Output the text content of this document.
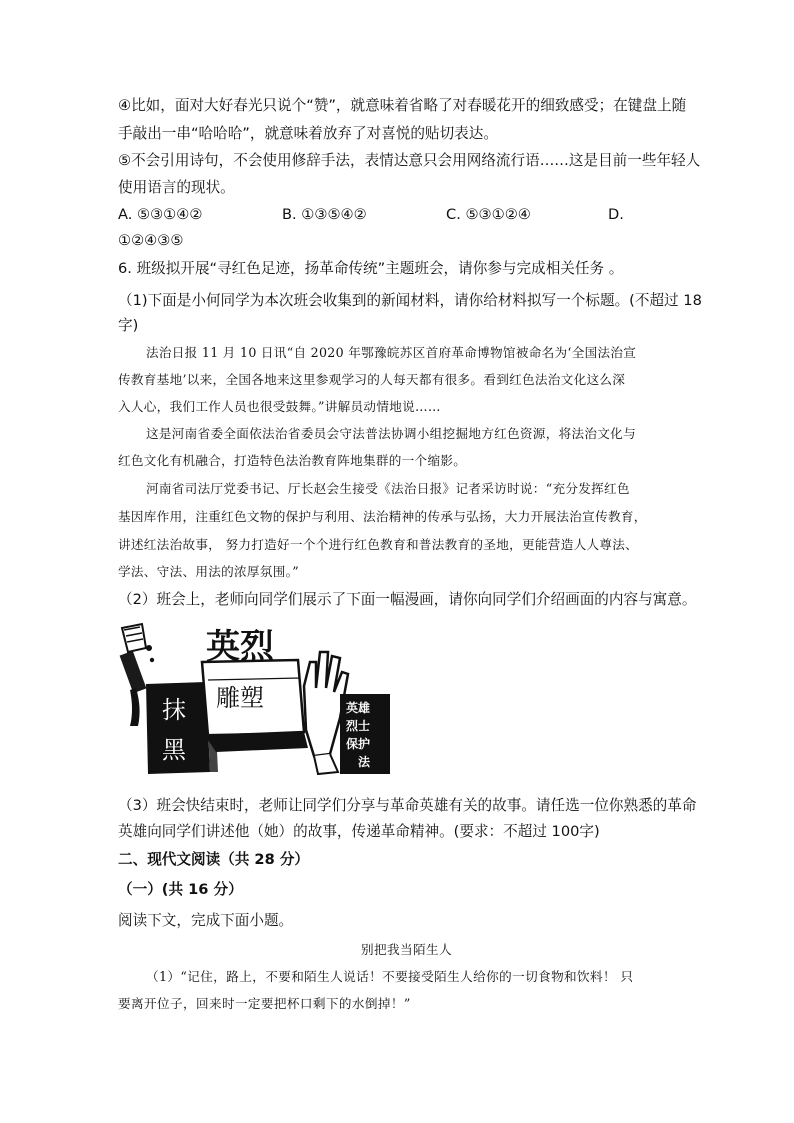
④比如，面对大好春光只说个“赞”，就意味着省略了对春暖花开的细致感受；在键盘上随
手敲出一串“哈哈哈”，就意味着放弃了对喜悦的贴切表达。
⑤不会引用诗句，不会使用修辞手法，表情达意只会用网络流行语……这是目前一些年轻人
使用语言的现状。
A. ⑤③①④②	B. ①③⑤④②	C. ⑤③①②④	D.
①②④③⑤
6. 班级拟开展“寻红色足迹，扬革命传统”主题班会，请你参与完成相关任务 。
（1)下面是小何同学为本次班会收集到的新闻材料，请你给材料拟写一个标题。(不超过 18
字)
法治日报 11 月 10 日讯“自 2020 年鄂豫皖苏区首府革命博物馆被命名为‘全国法治宣
传教育基地’以来，全国各地来这里参观学习的人每天都有很多。看到红色法治文化这么深
入人心，我们工作人员也很受鼓舞。”讲解员动情地说……
这是河南省委全面依法治省委员会守法普法协调小组挖掘地方红色资源，将法治文化与
红色文化有机融合，打造特色法治教育阵地集群的一个缩影。
河南省司法厅党委书记、厅长赵会生接受《法治日报》记者采访时说：“充分发挥红色
基因库作用，注重红色文物的保护与利用、法治精神的传承与弘扬，大力开展法治宣传教育，
讲述红法治故事， 努力打造好一个个进行红色教育和普法教育的圣地，更能营造人人尊法、
学法、守法、用法的浓厚氛围。”
（2）班会上，老师向同学们展示了下面一幅漫画，请你向同学们介绍画面的内容与寓意。
抹
黑
英烈
雕塑	英雄
烈士
保护
法
（3）班会快结束时，老师让同学们分享与革命英雄有关的故事。请任选一位你熟悉的革命
英雄向同学们讲述他（她）的故事，传递革命精神。(要求：不超过 100字)
二、现代文阅读（共 28 分）
（一）(共 16 分）
阅读下文，完成下面小题。
别把我当陌生人
（1）“记住，路上，不要和陌生人说话！不要接受陌生人给你的一切食物和饮料！ 只
要离开位子，回来时一定要把杯口剩下的水倒掉！”
